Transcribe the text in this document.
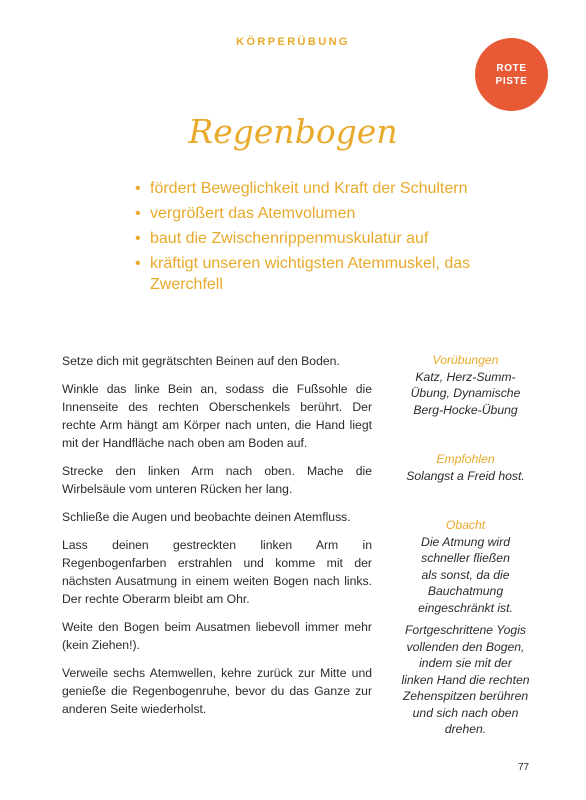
KÖRPERÜBUNG
ROTE
PISTE
Regenbogen
• fördert Beweglichkeit und Kraft der Schultern
• vergrößert das Atemvolumen
• baut die Zwischenrippenmuskulatur auf
• kräftigt unseren wichtigsten Atemmuskel, das Zwerchfell

Setze dich mit gegrätschten Beinen auf den Boden.

Winkle das linke Bein an, sodass die Fußsohle die Innenseite des rechten Oberschenkels berührt. Der rechte Arm hängt am Körper nach unten, die Hand liegt mit der Handfläche nach oben am Boden auf.

Strecke den linken Arm nach oben. Mache die Wirbelsäule vom unteren Rücken her lang.

Schließe die Augen und beobachte deinen Atemfluss.

Lass deinen gestreckten linken Arm in Regenbogenfarben erstrahlen und komme mit der nächsten Ausatmung in einem weiten Bogen nach links. Der rechte Oberarm bleibt am Ohr.

Weite den Bogen beim Ausatmen liebevoll immer mehr (kein Ziehen!).

Verweile sechs Atemwellen, kehre zurück zur Mitte und genieße die Regenbogenruhe, bevor du das Ganze zur anderen Seite wiederholst.

Vorübungen
Katz, Herz-Summ-
Übung, Dynamische
Berg-Hocke-Übung
Empfohlen
Solangst a Freid host.
Obacht
Die Atmung wird
schneller fließen
als sonst, da die
Bauchatmung
eingeschränkt ist.
Fortgeschrittene Yogis
vollenden den Bogen,
indem sie mit der
linken Hand die rechten
Zehenspitzen berühren
und sich nach oben
drehen.
77
